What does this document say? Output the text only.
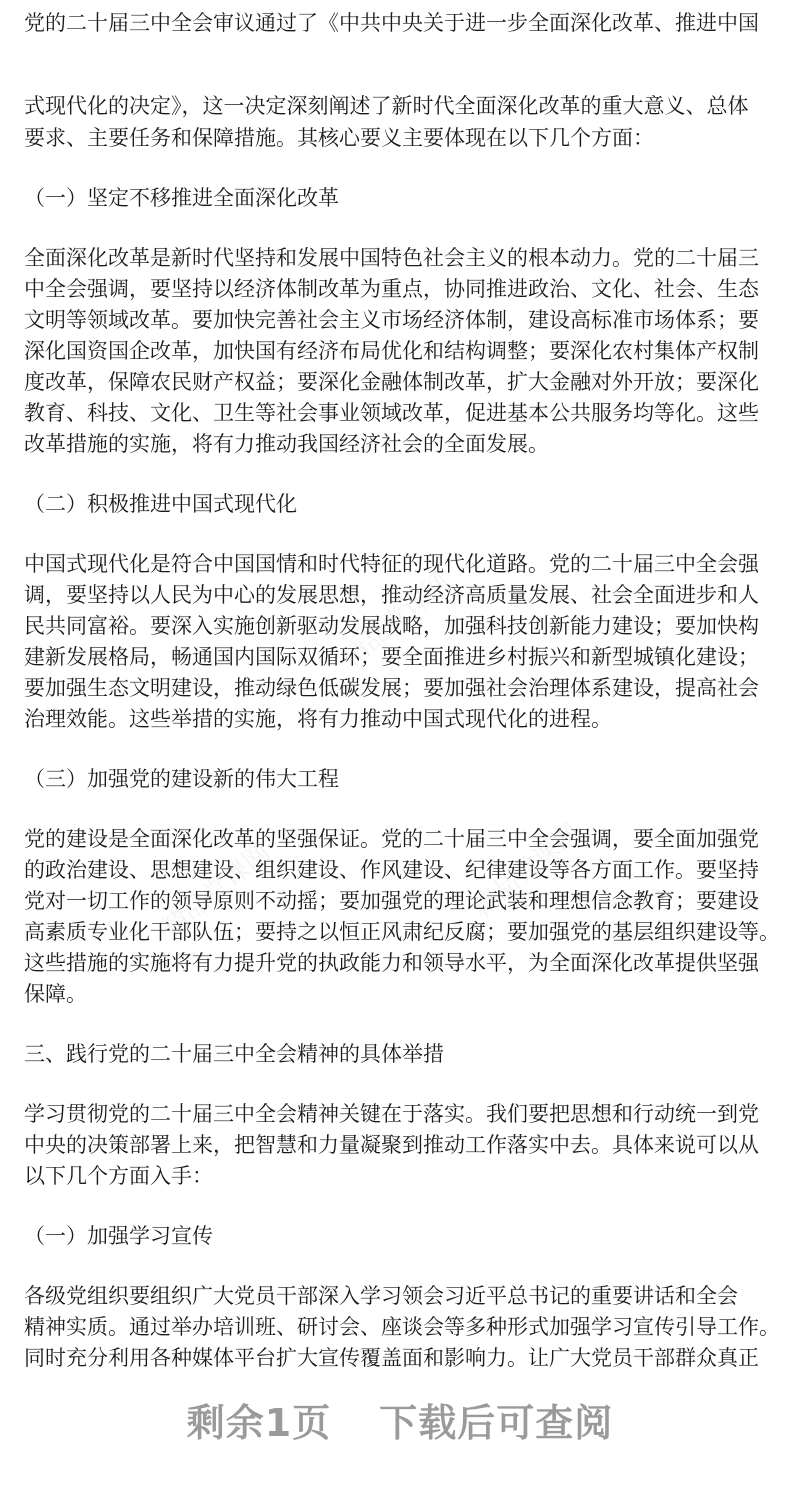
党的二十届三中全会审议通过了《中共中央关于进一步全面深化改革、推进中国
式现代化的决定》，这一决定深刻阐述了新时代全面深化改革的重大意义、总体
要求、主要任务和保障措施。其核心要义主要体现在以下几个方面：
（一）坚定不移推进全面深化改革
全面深化改革是新时代坚持和发展中国特色社会主义的根本动力。党的二十届三
中全会强调，要坚持以经济体制改革为重点，协同推进政治、文化、社会、生态
文明等领域改革。要加快完善社会主义市场经济体制，建设高标准市场体系；要
深化国资国企改革，加快国有经济布局优化和结构调整；要深化农村集体产权制
度改革，保障农民财产权益；要深化金融体制改革，扩大金融对外开放；要深化
教育、科技、文化、卫生等社会事业领域改革，促进基本公共服务均等化。这些
改革措施的实施，将有力推动我国经济社会的全面发展。
（二）积极推进中国式现代化
中国式现代化是符合中国国情和时代特征的现代化道路。党的二十届三中全会强
调，要坚持以人民为中心的发展思想，推动经济高质量发展、社会全面进步和人
民共同富裕。要深入实施创新驱动发展战略，加强科技创新能力建设；要加快构
建新发展格局，畅通国内国际双循环；要全面推进乡村振兴和新型城镇化建设；
要加强生态文明建设，推动绿色低碳发展；要加强社会治理体系建设，提高社会
治理效能。这些举措的实施，将有力推动中国式现代化的进程。
（三）加强党的建设新的伟大工程
党的建设是全面深化改革的坚强保证。党的二十届三中全会强调，要全面加强党
的政治建设、思想建设、组织建设、作风建设、纪律建设等各方面工作。要坚持
党对一切工作的领导原则不动摇；要加强党的理论武装和理想信念教育；要建设
高素质专业化干部队伍；要持之以恒正风肃纪反腐；要加强党的基层组织建设等。
这些措施的实施将有力提升党的执政能力和领导水平，为全面深化改革提供坚强
保障。
三、践行党的二十届三中全会精神的具体举措
学习贯彻党的二十届三中全会精神关键在于落实。我们要把思想和行动统一到党
中央的决策部署上来，把智慧和力量凝聚到推动工作落实中去。具体来说可以从
以下几个方面入手：
（一）加强学习宣传
各级党组织要组织广大党员干部深入学习领会习近平总书记的重要讲话和全会
精神实质。通过举办培训班、研讨会、座谈会等多种形式加强学习宣传引导工作。
同时充分利用各种媒体平台扩大宣传覆盖面和影响力。让广大党员干部群众真正
剩余1页 下载后可查阅
精品党课网
精品党课网	精品党课网
